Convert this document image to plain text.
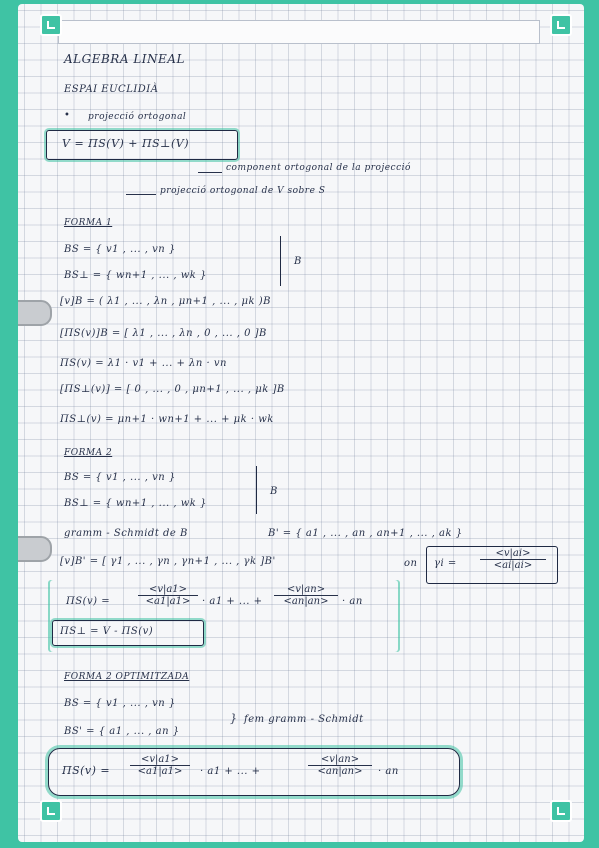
ALGEBRA LINEAL
ESPAI EUCLIDIÀ
• projecció ortogonal
V = ΠS(V) + ΠS⊥(V)
component ortogonal de la projecció
projecció ortogonal de V sobre S
FORMA 1
BS = { v1 , ... , vn }
BS⊥ = { wn+1 , ... , wk }
B
[v]B = ( λ1 , ... , λn , μn+1 , ... , μk )B
[ΠS(v)]B = [ λ1 , ... , λn , 0 , ... , 0 ]B
ΠS(v) = λ1 · v1 + ... + λn · vn
[ΠS⊥(v)] = [ 0 , ... , 0 , μn+1 , ... , μk ]B
ΠS⊥(v) = μn+1 · wn+1 + ... + μk · wk
FORMA 2
BS = { v1 , ... , vn }
BS⊥ = { wn+1 , ... , wk }
B
gramm - Schmidt de B	B' = { a1 , ... , an , an+1 , ... , ak }
[v]B' = [ γ1 , ... , γn , γn+1 , ... , γk ]B'	on $\gamma i = \frac{<v|ai>}{<ai|ai>}$
ΠS(v) =	$\frac{<v|a1>}{<a1|a1>} \cdot a1$ + ... + $\frac{<v|an>}{<an|an>}$ · an
ΠS⊥ = V - ΠS(v)
FORMA 2 OPTIMITZADA
BS = { v1 , ... , vn }
BS' = { a1 , ... , an }
} fem gramm - Schmidt
$\Pi S(v) = \frac{<v|a1>}{<a1|a1>} \cdot a1$ + ... +	$\frac{<v|an>}{<an|an>}$ · an
